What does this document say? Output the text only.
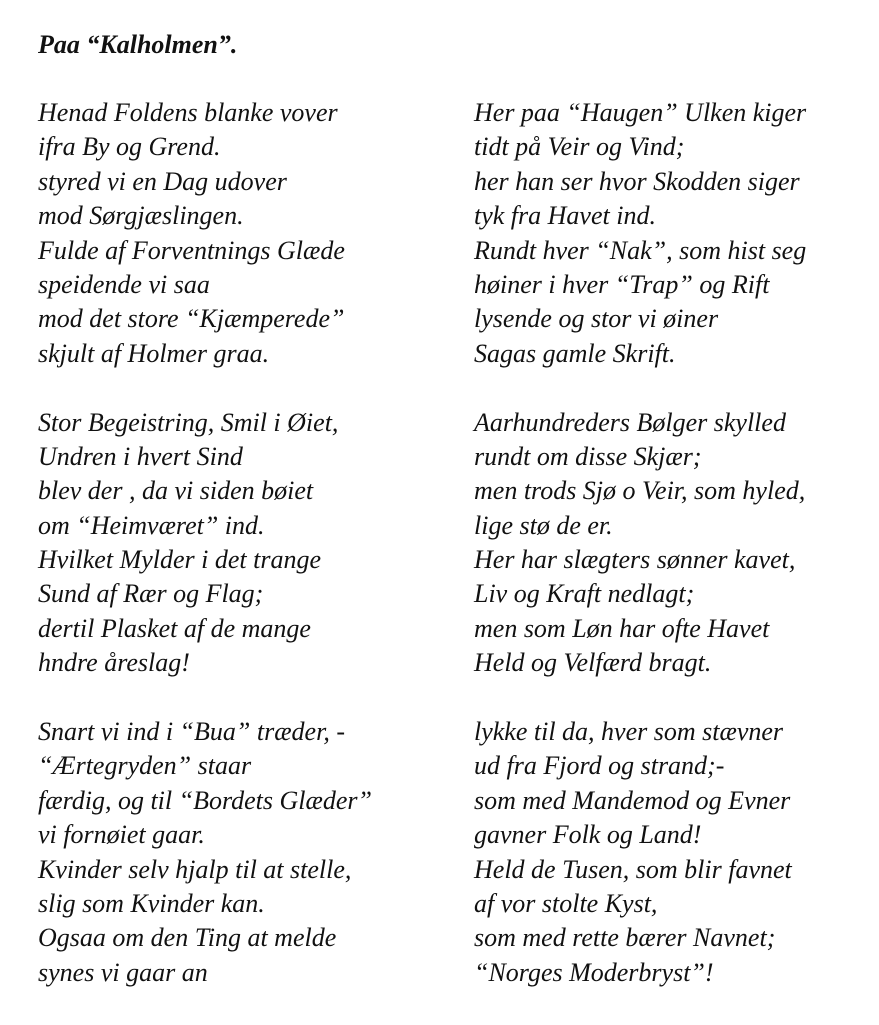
Paa “Kalholmen”.
Henad Foldens blanke vover
ifra By og Grend.
styred vi en Dag udover
mod Sørgjæslingen.
Fulde af Forventnings Glæde
speidende vi saa
mod det store “Kjæmperede”
skjult af Holmer graa.
Stor Begeistring, Smil i Øiet,
Undren i hvert Sind
blev der , da vi siden bøiet
om “Heimværet” ind.
Hvilket Mylder i det trange
Sund af Rær og Flag;
dertil Plasket af de mange
hndre åreslag!
Snart vi ind i “Bua” træder, -
“Ærtegryden” staar
færdig, og til “Bordets Glæder”
vi fornøiet gaar.
Kvinder selv hjalp til at stelle,
slig som Kvinder kan.
Ogsaa om den Ting at melde
synes vi gaar an
Her paa “Haugen” Ulken kiger
tidt på Veir og Vind;
her han ser hvor Skodden siger
tyk fra Havet ind.
Rundt hver “Nak”, som hist seg
høiner i hver “Trap” og Rift
lysende og stor vi øiner
Sagas gamle Skrift.
Aarhundreders Bølger skylled
rundt om disse Skjær;
men trods Sjø o Veir, som hyled,
lige stø de er.
Her har slægters sønner kavet,
Liv og Kraft nedlagt;
men som Løn har ofte Havet
Held og Velfærd bragt.
lykke til da, hver som stævner
ud fra Fjord og strand;-
som med Mandemod og Evner
gavner Folk og Land!
Held de Tusen, som blir favnet
af vor stolte Kyst,
som med rette bærer Navnet;
“Norges Moderbryst”!
